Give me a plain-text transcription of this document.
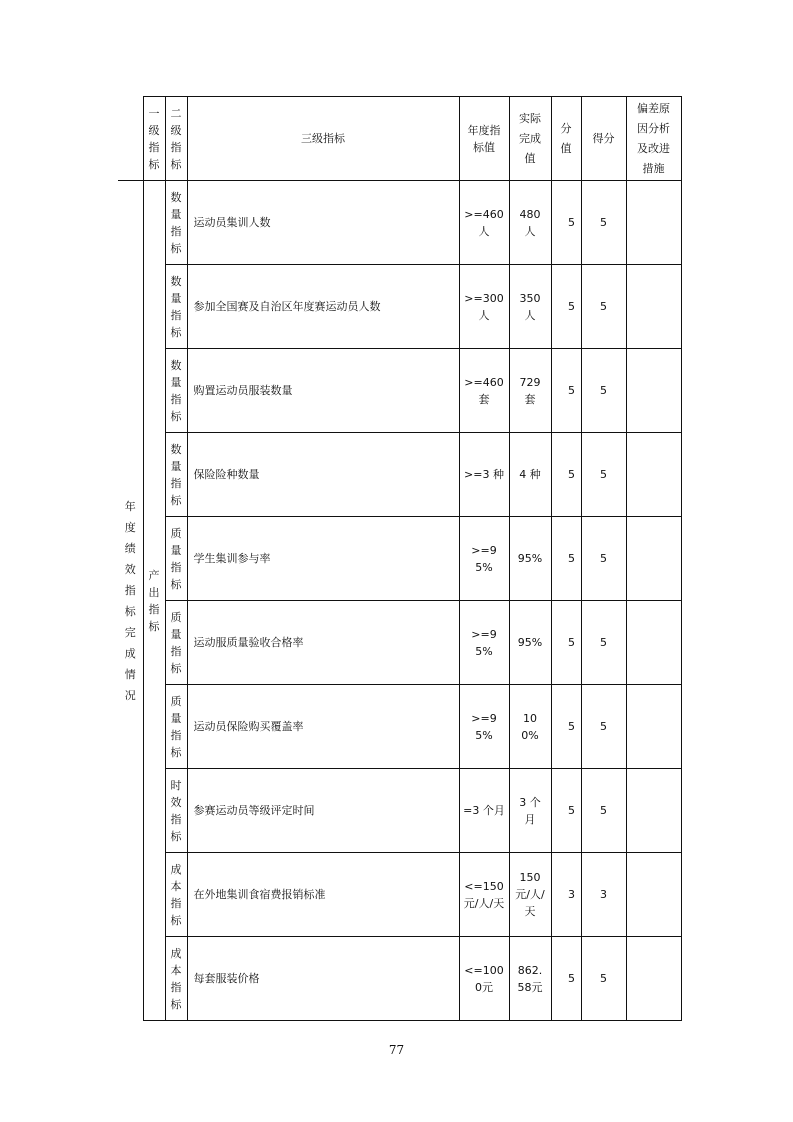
	一级指标	二级指标	三级指标	年度指标值	实际完成值	分值	得分	偏差原因分析及改进措施

年度绩效指标完成情况	产出指标	数量指标	运动员集训人数	>=460人	480人	5	5	

		数量指标	参加全国赛及自治区年度赛运动员人数	>=300人	350人	5	5	

		数量指标	购置运动员服装数量	>=460套	729套	5	5	

		数量指标	保险险种数量	>=3 种	4 种	5	5	

		质量指标	学生集训参与率	>=95%	95%	5	5	

		质量指标	运动服质量验收合格率	>=95%	95%	5	5	

		质量指标	运动员保险购买覆盖率	>=95%	100%	5	5	

		时效指标	参赛运动员等级评定时间	=3 个月	3 个月	5	5	

		成本指标	在外地集训食宿费报销标准	<=150元/人/天	150元/人/天	3	3	

		成本指标	每套服装价格	<=1000元	862.58元	5	5	
77
